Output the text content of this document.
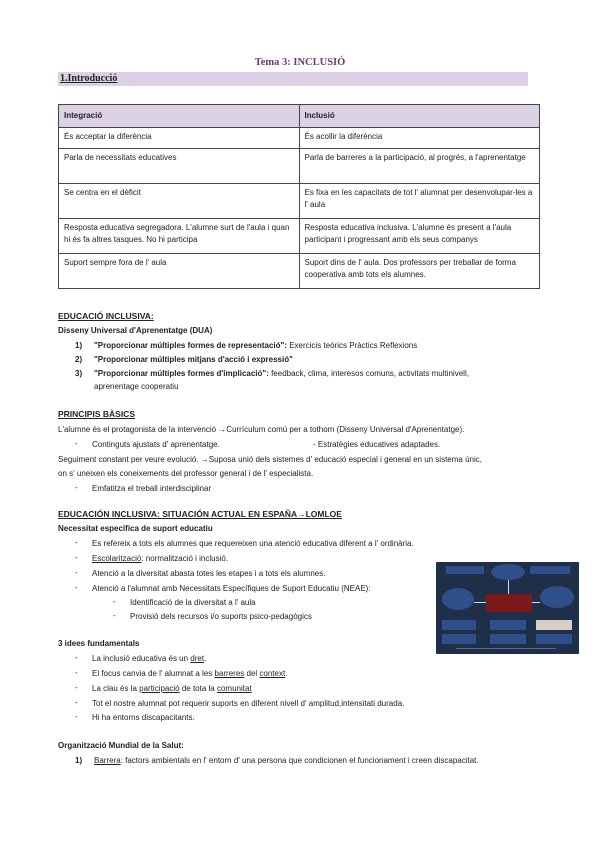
Tema 3: INCLUSIÓ
1.Introducció
Integració	Inclusió
És acceptar la diferència	És acollir la diferència
Parla de necessitats educatives	Parla de barreres a la participació, al progrés, a l'aprenentatge
Se centra en el dèficit	Es fixa en les capacitats de tot l' alumnat per desenvolupar-les a l' aula
Resposta educativa segregadora. L'alumne surt de l'aula i quan hi és fa altres tasques. No hi participa	Resposta educativa inclusiva. L'alumne és present a l'aula participant i progressant amb els seus companys
Suport sempre fora de l' aula	Suport dins de l' aula. Dos professors per treballar de forma cooperativa amb tots els alumnes.
EDUCACIÓ INCLUSIVA:
Disseny Universal d'Aprenentatge (DUA)
1) "Proporcionar múltiples formes de representació": Exercicis teòrics Pràctics Reflexions
2) "Proporcionar múltiples mitjans d'acció i expressió"
3) "Proporcionar múltiples formes d'implicació": feedback, clima, interesos comuns, activitats multinivell,
aprenentage cooperatiu
PRINCIPIS BÀSICS
L'alumne és el protagonista de la intervenció →Currículum comú per a tothom (Disseny Universal d'Aprenentatge).
- Continguts ajustats d' aprenentatge.	- Estratègies educatives adaptades.
Seguiment constant per veure evolució. →Suposa unió dels sistemes d' educació especial i general en un sistema únic,
on s' uneixen els coneixements del professor general i de l' especialista.
- Emfatitza el treball interdisciplinar
EDUCACIÓN INCLUSIVA: SITUACIÓN ACTUAL EN ESPAÑA→LOMLOE
Necessitat específica de suport educatiu
- Es refereix a tots els alumnes que requereixen una atenció educativa diferent a l' ordinària.
- Escolarització: normalització i inclusió.
- Atenció a la diversitat abasta totes les etapes i a tots els alumnes.
- Atenció a l'alumnat amb Necessitats Específiques de Suport Educatiu (NEAE):
- Identificació de la diversitat a l' aula
- Provisió dels recursos i/o suports psico-pedagògics
3 idees fundamentals
- La inclusió educativa és un dret.
- El focus canvia de l' alumnat a les barreres del context.
- La clau és la participació de tota la comunitat
- Tot el nostre alumnat pot requerir suports en diferent nivell d' amplitud,intensitati durada.
- Hi ha entorns discapacitants.
Organització Mundial de la Salut:
1) Barrera: factors ambientals en l' entorn d' una persona que condicionen el funcionament i creen discapacitat.
